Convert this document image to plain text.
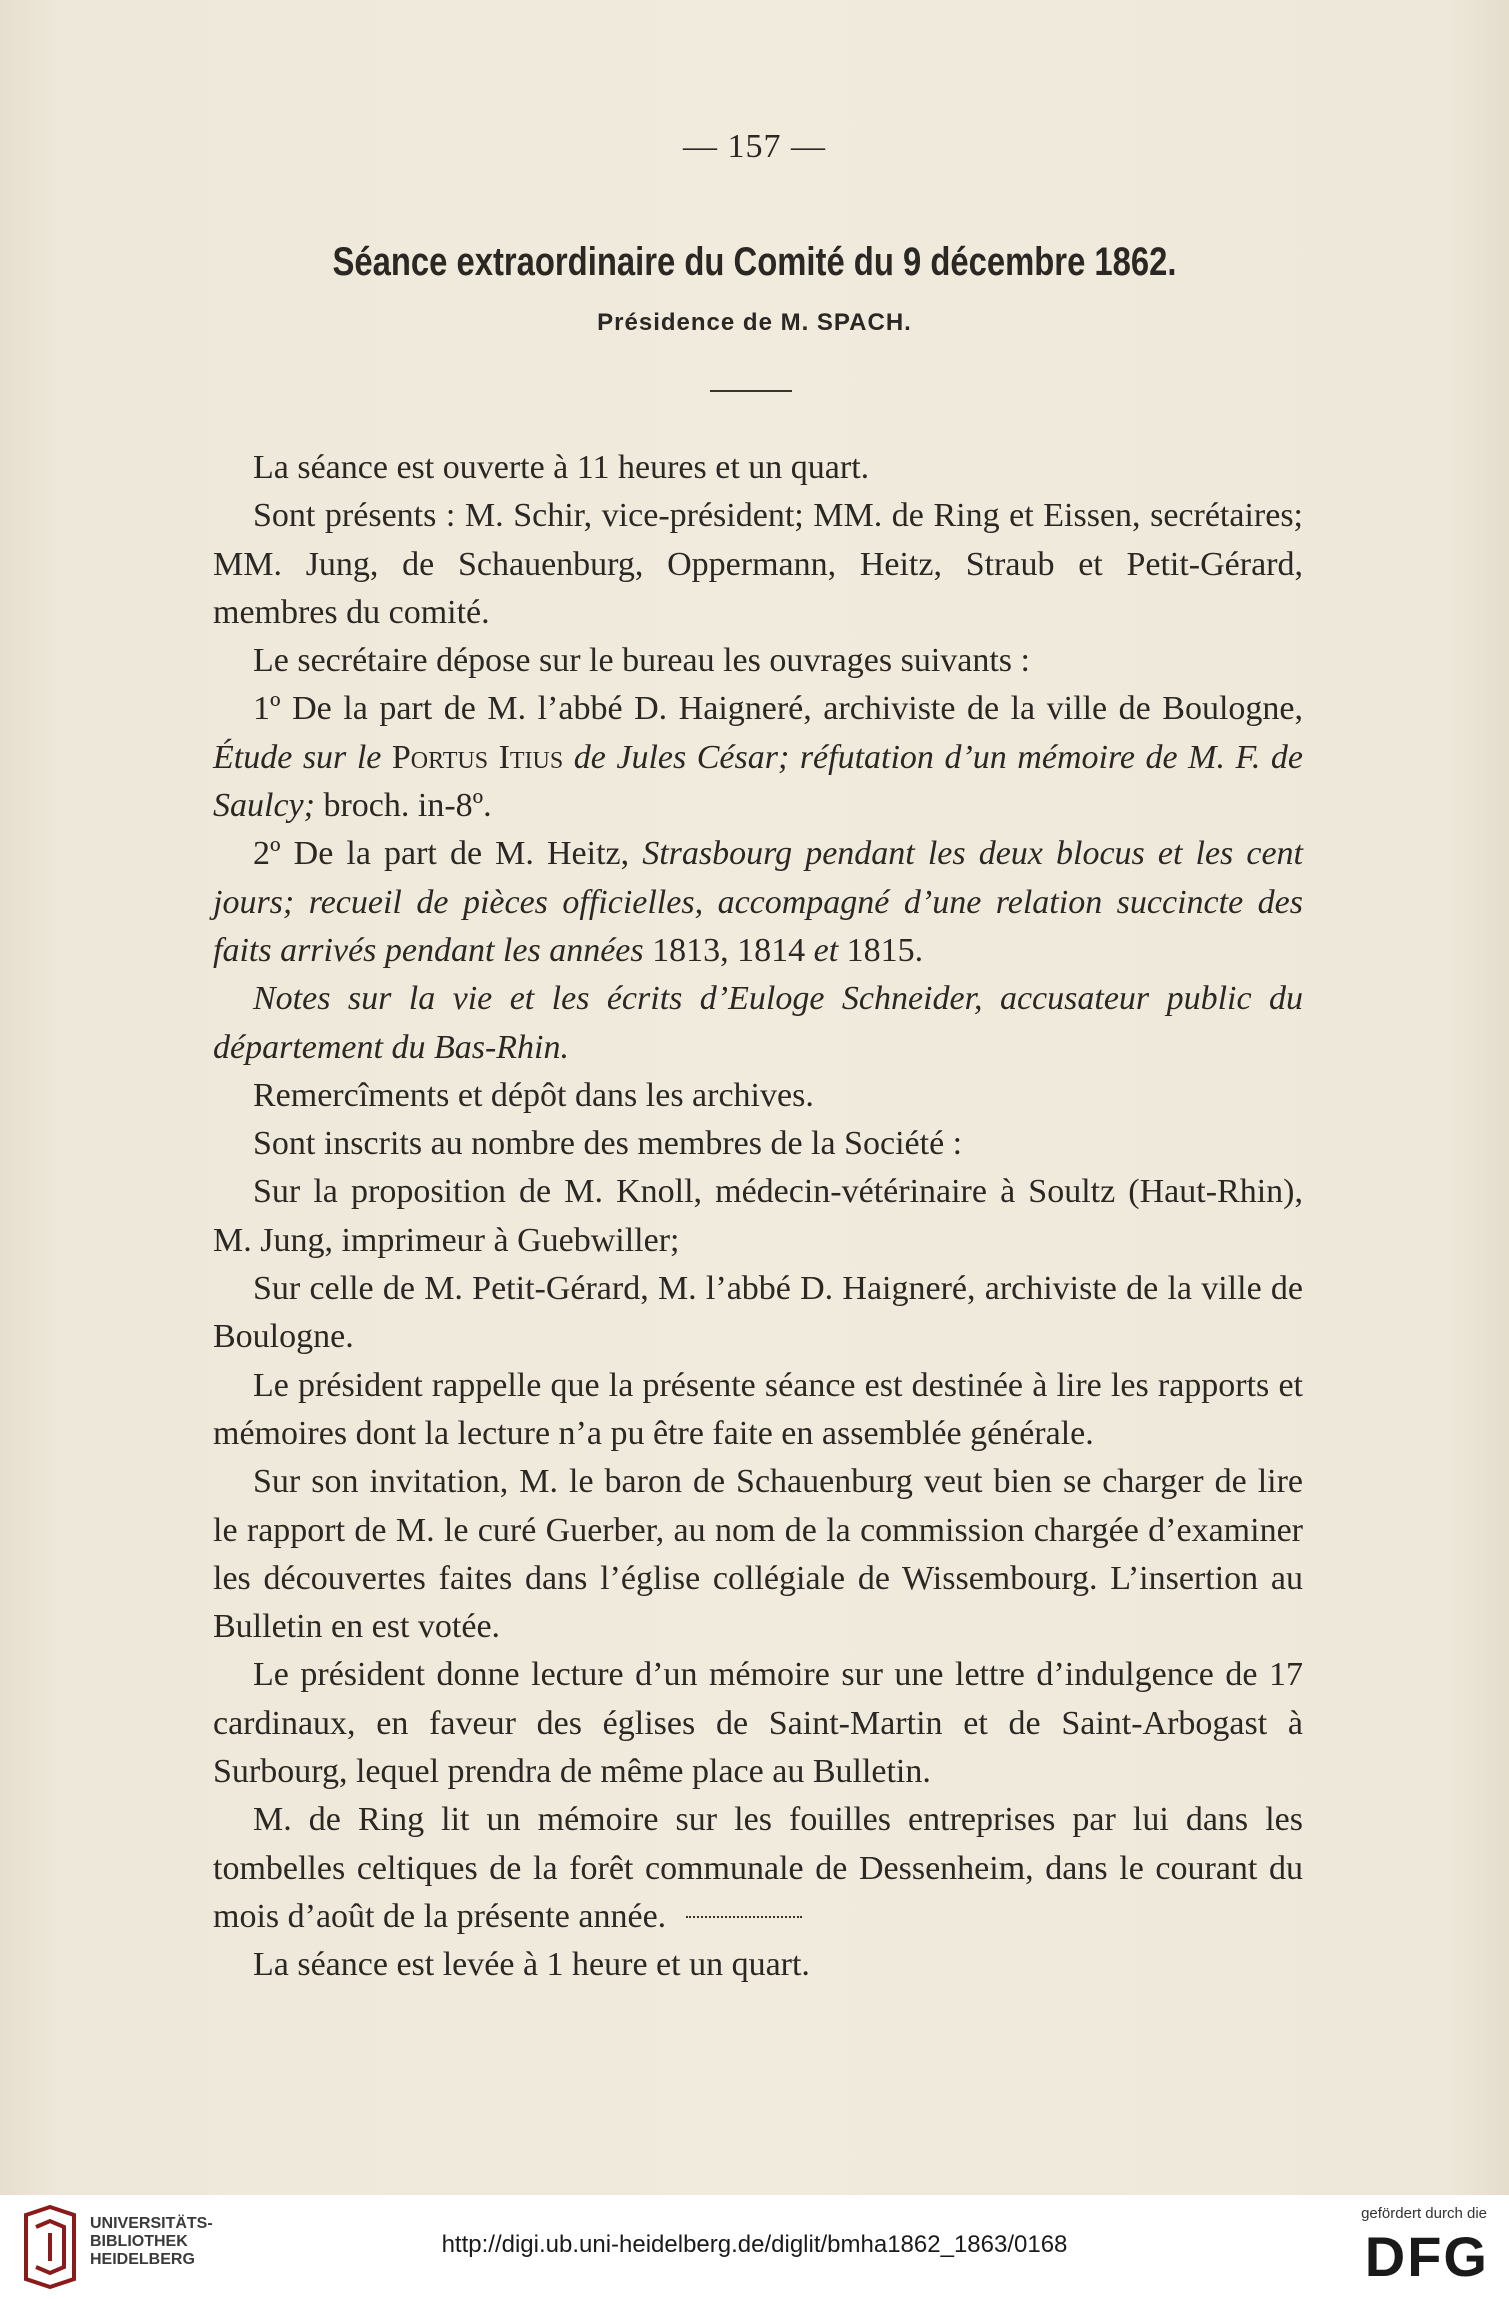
— 157 —
Séance extraordinaire du Comité du 9 décembre 1862.
Présidence de M. SPACH.

La séance est ouverte à 11 heures et un quart.

Sont présents : M. Schir, vice-président; MM. de Ring et Eissen, secrétaires; MM. Jung, de Schauenburg, Oppermann, Heitz, Straub et Petit-Gérard, membres du comité.

Le secrétaire dépose sur le bureau les ouvrages suivants :

1º De la part de M. l’abbé D. Haigneré, archiviste de la ville de Boulogne, Étude sur le Portus Itius de Jules César; réfutation d’un mémoire de M. F. de Saulcy; broch. in-8º.

2º De la part de M. Heitz, Strasbourg pendant les deux blocus et les cent jours; recueil de pièces officielles, accompagné d’une relation succincte des faits arrivés pendant les années 1813, 1814 et 1815.

Notes sur la vie et les écrits d’Euloge Schneider, accusateur public du département du Bas-Rhin.

Remercîments et dépôt dans les archives.

Sont inscrits au nombre des membres de la Société :

Sur la proposition de M. Knoll, médecin-vétérinaire à Soultz (Haut-Rhin), M. Jung, imprimeur à Guebwiller;

Sur celle de M. Petit-Gérard, M. l’abbé D. Haigneré, archiviste de la ville de Boulogne.

Le président rappelle que la présente séance est destinée à lire les rapports et mémoires dont la lecture n’a pu être faite en assemblée générale.

Sur son invitation, M. le baron de Schauenburg veut bien se charger de lire le rapport de M. le curé Guerber, au nom de la commission chargée d’examiner les découvertes faites dans l’église collégiale de Wissembourg. L’insertion au Bulletin en est votée.

Le président donne lecture d’un mémoire sur une lettre d’indulgence de 17 cardinaux, en faveur des églises de Saint-Martin et de Saint-Arbogast à Surbourg, lequel prendra de même place au Bulletin.

M. de Ring lit un mémoire sur les fouilles entreprises par lui dans les tombelles celtiques de la forêt communale de Dessenheim, dans le courant du mois d’août de la présente année.

La séance est levée à 1 heure et un quart.

UNIVERSITÄTS-
BIBLIOTHEK
HEIDELBERG
http://digi.ub.uni-heidelberg.de/diglit/bmha1862_1863/0168
gefördert durch die
DFG
